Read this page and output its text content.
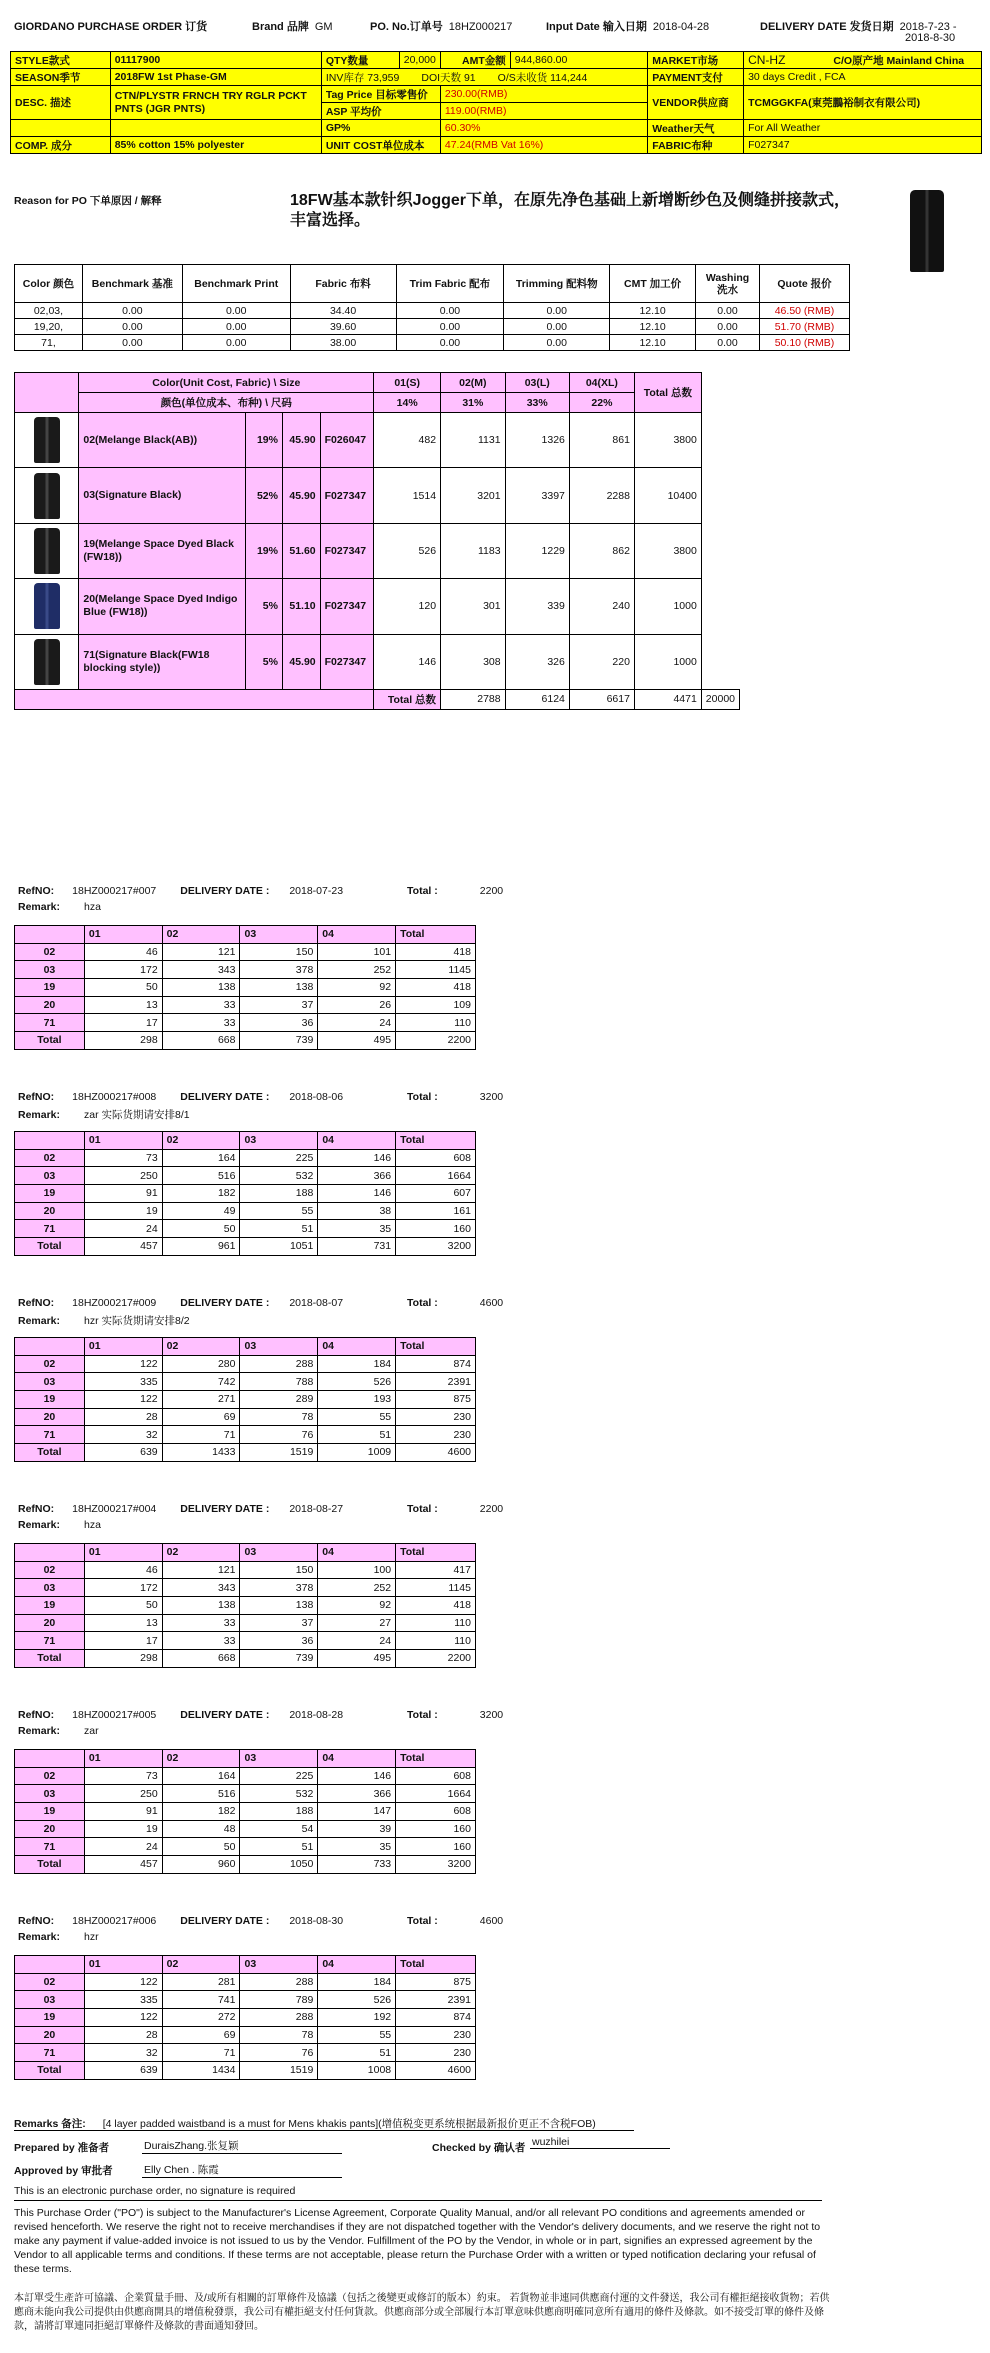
GIORDANO PURCHASE ORDER 订货	Brand 品牌 GM	PO. No.订单号 18HZ000217	Input Date 输入日期 2018-04-28	DELIVERY DATE 发货日期 2018-7-23 -
2018-8-30
STYLE款式	01117900	QTY数量	20,000	AMT金额	944,860.00	MARKET市场	CN-HZ C/O原产地 Mainland China
SEASON季节	2018FW 1st Phase-GM	INV库存 73,959 DOI天数 91 O/S未收货 114,244				PAYMENT支付	30 days Credit , FCA
DESC. 描述	CTN/PLYSTR FRNCH TRY RGLR PCKT PNTS (JGR PNTS)	Tag Price 目标零售价		230.00(RMB)		VENDOR供应商	TCMGGKFA(東莞鵬裕制衣有限公司)
		ASP 平均价		119.00(RMB)			
		GP%		60.30%		Weather天气	For All Weather
COMP. 成分	85% cotton 15% polyester	UNIT COST单位成本		47.24(RMB Vat 16%)		FABRIC布种	F027347
Reason for PO 下单原因 / 解释	18FW基本款针织Jogger下单，在原先净色基础上新增断纱色及侧缝拼接款式，
丰富选择。
Color 颜色	Benchmark 基准	Benchmark Print	Fabric 布料	Trim Fabric 配布	Trimming 配料物	CMT 加工价	Washing 洗水	Quote 报价
02,03,	0.00	0.00	34.40	0.00	0.00	12.10	0.00	46.50 (RMB)
19,20,	0.00	0.00	39.60	0.00	0.00	12.10	0.00	51.70 (RMB)
71,	0.00	0.00	38.00	0.00	0.00	12.10	0.00	50.10 (RMB)
	Color(Unit Cost, Fabric) \ Size				01(S)	02(M)	03(L)	04(XL)	Total 总数	
	颜色(单位成本、布种) \ 尺码				14%	31%	33%	22%		

	02(Melange Black(AB))	19%	45.90	F026047	482	1131	1326	861	3800	

	03(Signature Black)	52%	45.90	F027347	1514	3201	3397	2288	10400	

	19(Melange Space Dyed Black (FW18))	19%	51.60	F027347	526	1183	1229	862	3800	

	20(Melange Space Dyed Indigo Blue (FW18))	5%	51.10	F027347	120	301	339	240	1000	

	71(Signature Black(FW18 blocking style))	5%	45.90	F027347	146	308	326	220	1000	
					Total 总数	2788	6124	6617	4471	20000
RefNO: 18HZ000217#007 DELIVERY DATE : 2018-07-23	Total :	2200
Remark: hza
	01	02	03	04	Total
02	46	121	150	101	418
03	172	343	378	252	1145
19	50	138	138	92	418
20	13	33	37	26	109
71	17	33	36	24	110
Total	298	668	739	495	2200
RefNO: 18HZ000217#008 DELIVERY DATE : 2018-08-06	Total :	3200
Remark: zar 实际货期请安排8/1
	01	02	03	04	Total
02	73	164	225	146	608
03	250	516	532	366	1664
19	91	182	188	146	607
20	19	49	55	38	161
71	24	50	51	35	160
Total	457	961	1051	731	3200
RefNO: 18HZ000217#009 DELIVERY DATE : 2018-08-07	Total :	4600
Remark: hzr 实际货期请安排8/2
	01	02	03	04	Total
02	122	280	288	184	874
03	335	742	788	526	2391
19	122	271	289	193	875
20	28	69	78	55	230
71	32	71	76	51	230
Total	639	1433	1519	1009	4600
RefNO: 18HZ000217#004 DELIVERY DATE : 2018-08-27	Total :	2200
Remark: hza
	01	02	03	04	Total
02	46	121	150	100	417
03	172	343	378	252	1145
19	50	138	138	92	418
20	13	33	37	27	110
71	17	33	36	24	110
Total	298	668	739	495	2200
RefNO: 18HZ000217#005 DELIVERY DATE : 2018-08-28	Total :	3200
Remark: zar
	01	02	03	04	Total
02	73	164	225	146	608
03	250	516	532	366	1664
19	91	182	188	147	608
20	19	48	54	39	160
71	24	50	51	35	160
Total	457	960	1050	733	3200
RefNO: 18HZ000217#006 DELIVERY DATE : 2018-08-30	Total :	4600
Remark: hzr
	01	02	03	04	Total
02	122	281	288	184	875
03	335	741	789	526	2391
19	122	272	288	192	874
20	28	69	78	55	230
71	32	71	76	51	230
Total	639	1434	1519	1008	4600
Remarks 备注: [4 layer padded waistband is a must for Mens khakis pants](增值税变更系统根据最新报价更正不含税FOB)
Prepared by 准备者	DuraisZhang.张复颖	Checked by 确认者 wuzhilei
Approved by 审批者	Elly Chen . 陈霞
This is an electronic purchase order, no signature is required
This Purchase Order ("PO") is subject to the Manufacturer's License Agreement, Corporate Quality Manual, and/or all relevant PO conditions and agreements amended or revised henceforth. We reserve the right not to receive merchandises if they are not dispatched together with the Vendor's delivery documents, and we reserve the right not to make any payment if value-added invoice is not issued to us by the Vendor. Fulfillment of the PO by the Vendor, in whole or in part, signifies an expressed agreement by the Vendor to all applicable terms and conditions. If these terms are not acceptable, please return the Purchase Order with a written or typed notification declaring your refusal of these terms.
本訂單受生產許可協議、企業質量手冊、及/或所有相關的訂單條件及協議（包括之後變更或修訂的版本）約束。 若貨物並非連同供應商付運的文件發送，我公司有權拒絕接收貨物；若供應商未能向我公司提供由供應商開具的增值稅發票，我公司有權拒絕支付任何貨款。供應商部分或全部履行本訂單意味供應商明確同意所有適用的條件及條款。如不接受訂單的條件及條款，請將訂單連同拒絕訂單條件及條款的書面通知發回。
